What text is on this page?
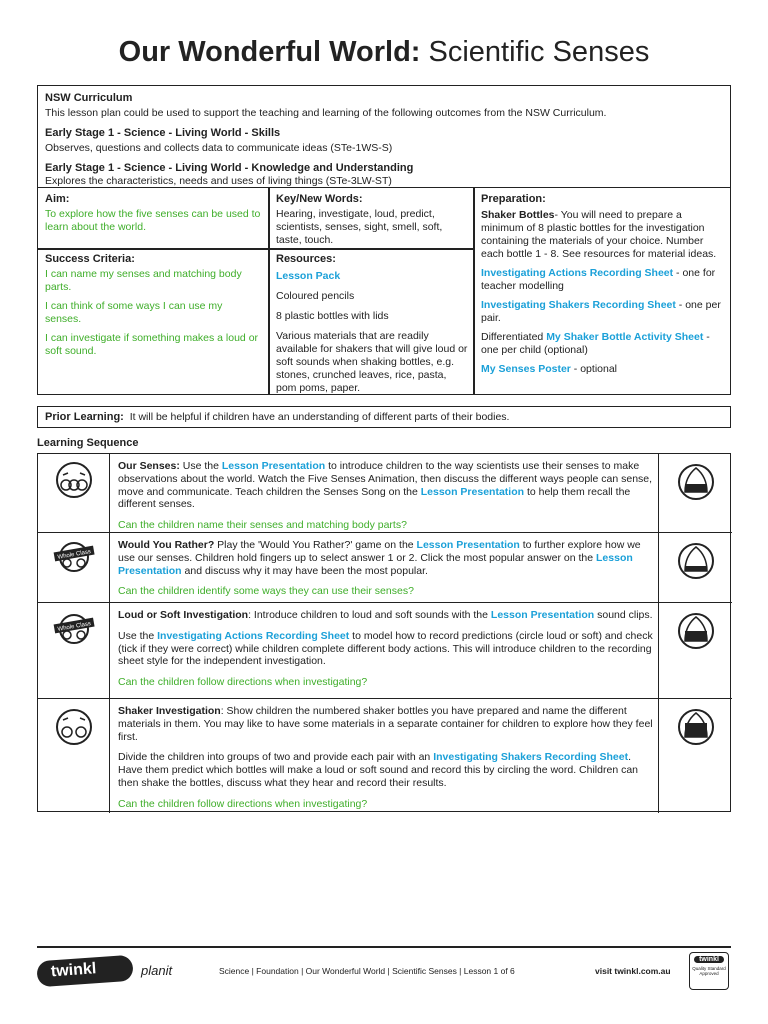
Our Wonderful World: Scientific Senses

NSW Curriculum

This lesson plan could be used to support the teaching and learning of the following outcomes from the NSW Curriculum.

Early Stage 1 - Science - Living World - Skills

Observes, questions and collects data to communicate ideas (STe-1WS-S)

Early Stage 1 - Science - Living World - Knowledge and Understanding

Explores the characteristics, needs and uses of living things (STe-3LW-ST)

Aim:

To explore how the five senses can be used to learn about the world.

Success Criteria:

I can name my senses and matching body parts.

I can think of some ways I can use my senses.

I can investigate if something makes a loud or soft sound.

Key/New Words:

Hearing, investigate, loud, predict, scientists, senses, sight, smell, soft, taste, touch.

Resources:

Lesson Pack

Coloured pencils

8 plastic bottles with lids

Various materials that are readily available for shakers that will give loud or soft sounds when shaking bottles, e.g. stones, crunched leaves, rice, pasta, pom poms, paper.

Preparation:

Shaker Bottles- You will need to prepare a minimum of 8 plastic bottles for the investigation containing the materials of your choice. Number each bottle 1 - 8. See resources for material ideas.

Investigating Actions Recording Sheet - one for teacher modelling

Investigating Shakers Recording Sheet - one per pair.

Differentiated My Shaker Bottle Activity Sheet - one per child (optional)

My Senses Poster - optional

Prior Learning: It will be helpful if children have an understanding of different parts of their bodies.

Learning Sequence

Our Senses: Use the Lesson Presentation to introduce children to the way scientists use their senses to make observations about the world. Watch the Five Senses Animation, then discuss the different ways people can sense, move and communicate. Teach children the Senses Song on the Lesson Presentation to help them recall the different senses.

Can the children name their senses and matching body parts?

Whole Class

Would You Rather? Play the 'Would You Rather?' game on the Lesson Presentation to further explore how we use our senses. Children hold fingers up to select answer 1 or 2. Click the most popular answer on the Lesson Presentation and discuss why it may have been the most popular.

Can the children identify some ways they can use their senses?

Whole Class

Loud or Soft Investigation: Introduce children to loud and soft sounds with the Lesson Presentation sound clips.

Use the Investigating Actions Recording Sheet to model how to record predictions (circle loud or soft) and check (tick if they were correct) while children complete different body actions. This will introduce children to the recording sheet style for the independent investigation.

Can the children follow directions when investigating?

Shaker Investigation: Show children the numbered shaker bottles you have prepared and name the different materials in them. You may like to have some materials in a separate container for children to explore how they feel first.

Divide the children into groups of two and provide each pair with an Investigating Shakers Recording Sheet. Have them predict which bottles will make a loud or soft sound and record this by circling the word. Children can then shake the bottles, discuss what they hear and record their results.

Can the children follow directions when investigating?

twinkl	planit	Science | Foundation | Our Wonderful World | Scientific Senses | Lesson 1 of 6	visit twinkl.com.au
twinkl
Quality Standard Approved
